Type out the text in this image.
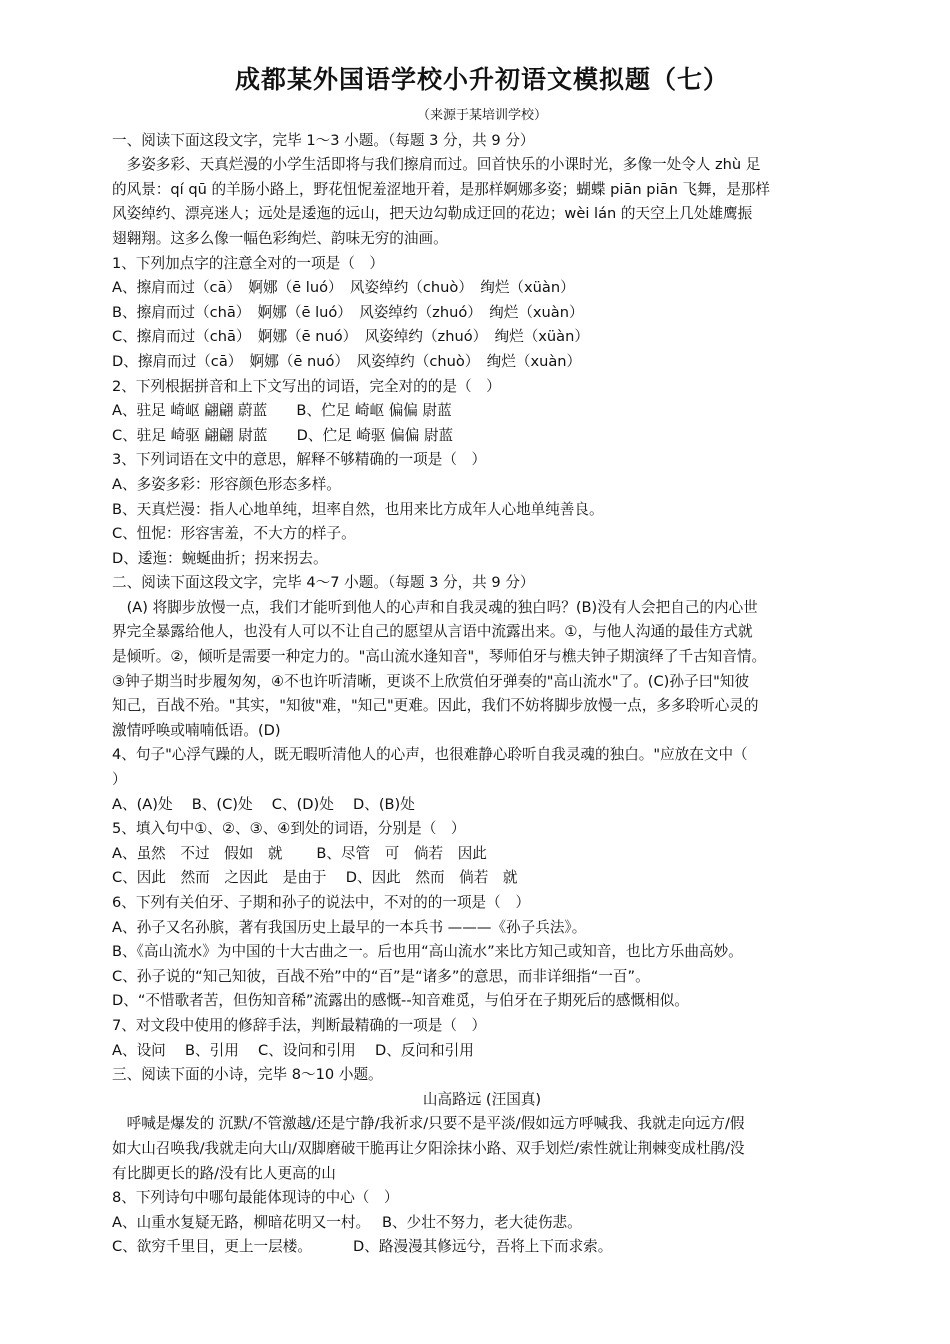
成都某外国语学校小升初语文模拟题（七）

（来源于某培训学校）

一、阅读下面这段文字，完毕 1～3 小题。（每题 3 分，共 9 分）

　多姿多彩、天真烂漫的小学生活即将与我们擦肩而过。回首快乐的小课时光，多像一处令人 zhù 足

的风景：qí qū 的羊肠小路上，野花忸怩羞涩地开着，是那样婀娜多姿；蝴蝶 piān piān 飞舞，是那样

风姿绰约、漂亮迷人；远处是逶迤的远山，把天边勾勒成迂回的花边；wèi lán 的天空上几处雄鹰振

翅翱翔。这多么像一幅色彩绚烂、韵味无穷的油画。

1、下列加点字的注意全对的一项是（　）

A、擦肩而过（cā）　婀娜（ē luó）　风姿绰约（chuò）　绚烂（xüàn）

B、擦肩而过（chā）　婀娜（ē luó）　风姿绰约（zhuó）　绚烂（xuàn）

C、擦肩而过（chā）　婀娜（ē nuó）　风姿绰约（zhuó）　绚烂（xüàn）

D、擦肩而过（cā）　婀娜（ē nuó）　风姿绰约（chuò）　绚烂（xuàn）

2、下列根据拼音和上下文写出的词语，完全对的的是（　）

A、驻足 崎岖 翩翩 蔚蓝　　B、伫足 崎岖 偏偏 尉蓝

C、驻足 崎驱 翩翩 尉蓝　　D、伫足 崎驱 偏偏 尉蓝

3、下列词语在文中的意思，解释不够精确的一项是（　）

A、多姿多彩：形容颜色形态多样。

B、天真烂漫：指人心地单纯，坦率自然，也用来比方成年人心地单纯善良。

C、忸怩：形容害羞，不大方的样子。

D、逶迤：蜿蜒曲折；拐来拐去。

二、阅读下面这段文字，完毕 4～7 小题。（每题 3 分，共 9 分）

　(A) 将脚步放慢一点，我们才能听到他人的心声和自我灵魂的独白吗？(B)没有人会把自己的内心世

界完全暴露给他人，也没有人可以不让自己的愿望从言语中流露出来。①，与他人沟通的最佳方式就

是倾听。②，倾听是需要一种定力的。"高山流水逢知音"，琴师伯牙与樵夫钟子期演绎了千古知音情。

③钟子期当时步履匆匆，④不也许听清晰，更谈不上欣赏伯牙弹奏的"高山流水"了。(C)孙子曰"知彼

知己，百战不殆。"其实，"知彼"难，"知己"更难。因此，我们不妨将脚步放慢一点，多多聆听心灵的

激情呼唤或喃喃低语。(D)

4、句子"心浮气躁的人，既无暇听清他人的心声，也很难静心聆听自我灵魂的独白。"应放在文中（

）

A、(A)处　 B、(C)处　 C、(D)处　 D、(B)处

5、填入句中①、②、③、④到处的词语，分别是（　）

A、虽然　不过　假如　就　　 B、尽管　可　倘若　因此

C、因此　然而　之因此　是由于　 D、因此　然而　倘若　就

6、下列有关伯牙、子期和孙子的说法中，不对的的一项是（　）

A、孙子又名孙膑，著有我国历史上最早的一本兵书 ———《孙子兵法》。

B、《高山流水》为中国的十大古曲之一。后也用“高山流水”来比方知己或知音，也比方乐曲高妙。

C、孙子说的“知己知彼，百战不殆”中的“百”是“诸多”的意思，而非详细指“一百”。

D、“不惜歌者苦，但伤知音稀”流露出的感慨--知音难觅，与伯牙在子期死后的感慨相似。

7、对文段中使用的修辞手法，判断最精确的一项是（　）

A、设问　 B、引用　 C、设问和引用　 D、反问和引用

三、阅读下面的小诗，完毕 8～10 小题。

山高路远 (汪国真)

　呼喊是爆发的 沉默/不管激越/还是宁静/我祈求/只要不是平淡/假如远方呼喊我、我就走向远方/假

如大山召唤我/我就走向大山/双脚磨破干脆再让夕阳涂抹小路、双手划烂/索性就让荆棘变成杜鹃/没

有比脚更长的路/没有比人更高的山

8、下列诗句中哪句最能体现诗的中心（　）

A、山重水复疑无路，柳暗花明又一村。　 B、少壮不努力，老大徒伤悲。

C、欲穷千里目，更上一层楼。　　　 D、路漫漫其修远兮，吾将上下而求索。
